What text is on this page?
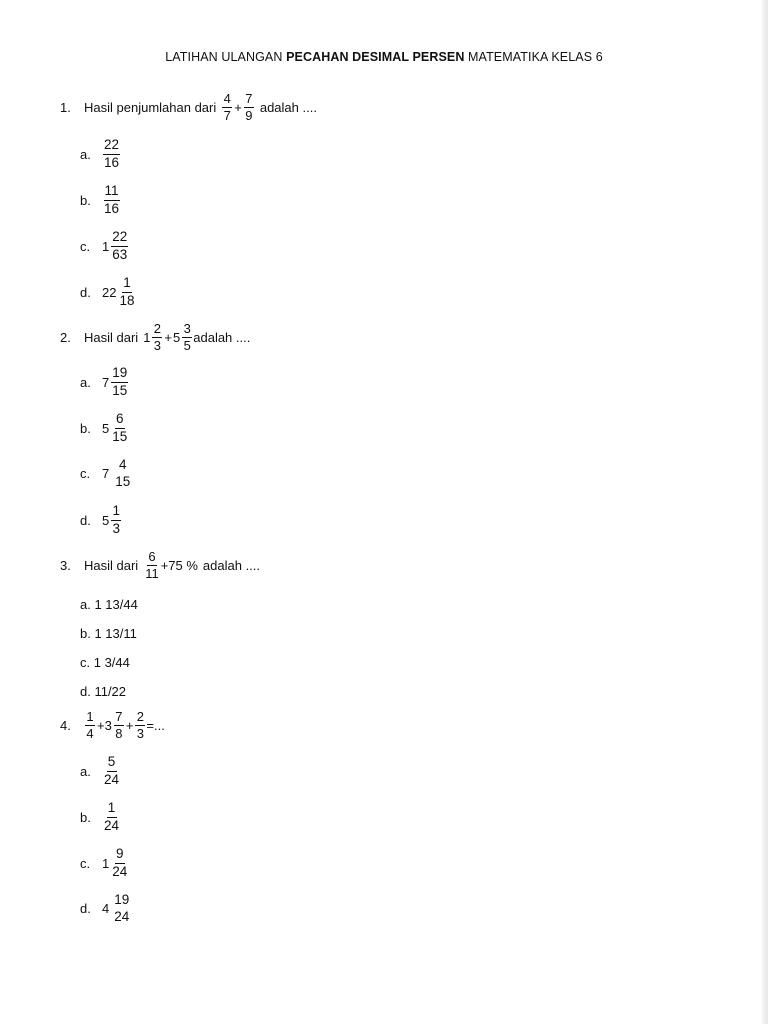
LATIHAN ULANGAN PECAHAN DESIMAL PERSEN MATEMATIKA KELAS 6
1.	Hasil penjumlahan dari $\frac{4}{7} + \frac{7}{9}$ adalah ....
a. $\frac{22}{16}$
b. $\frac{11}{16}$
c. $1 \frac{22}{63}$
d. $22 \frac{1}{18}$
2.	Hasil dari $1 \frac{2}{3} + 5 \frac{3}{5}$ adalah ....
a. $7 \frac{19}{15}$
b. $5 \frac{6}{15}$
c. 7
4
15
d. $5 \frac{1}{3}$
3.	Hasil dari $\frac{6}{11} +75$ % adalah ....
a. 1 13/44
b. 1 13/11
c. 1 3/44
d. 11/22
4.	$\frac{1}{4} +3 \frac{7}{8} + \frac{2}{3}$ =...
a. $\frac{5}{24}$
b. $\frac{1}{24}$
c. $1 \frac{9}{24}$
d. 4
19
24
